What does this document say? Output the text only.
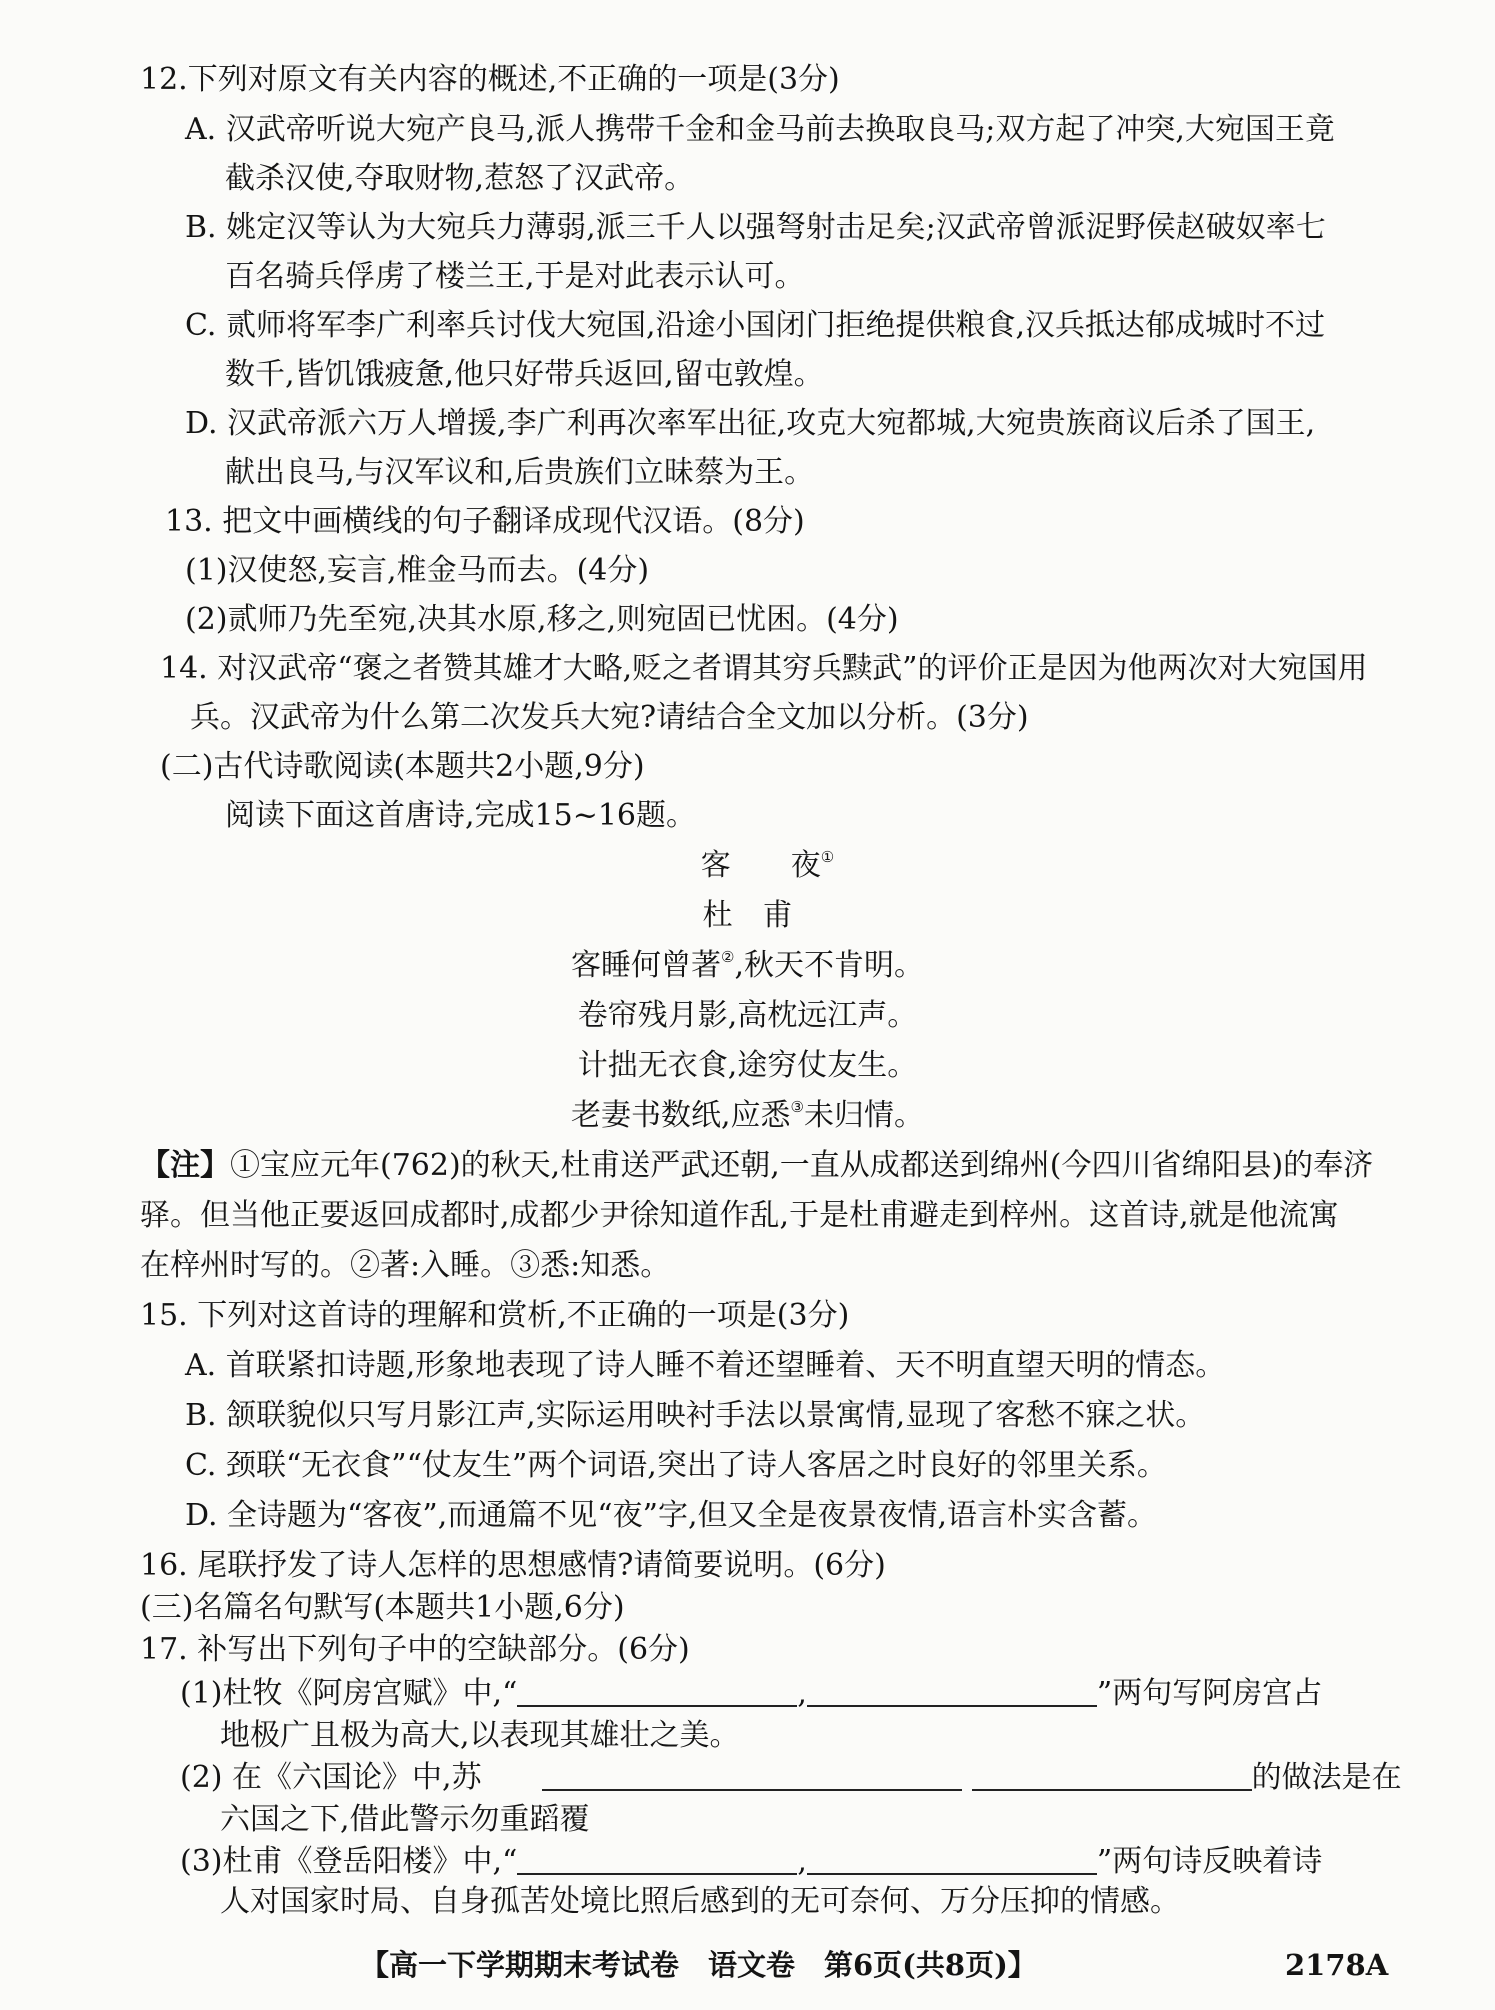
12.下列对原文有关内容的概述,不正确的一项是(3分)
A. 汉武帝听说大宛产良马,派人携带千金和金马前去换取良马;双方起了冲突,大宛国王竟
截杀汉使,夺取财物,惹怒了汉武帝。
B. 姚定汉等认为大宛兵力薄弱,派三千人以强弩射击足矣;汉武帝曾派浞野侯赵破奴率七
百名骑兵俘虏了楼兰王,于是对此表示认可。
C. 贰师将军李广利率兵讨伐大宛国,沿途小国闭门拒绝提供粮食,汉兵抵达郁成城时不过
数千,皆饥饿疲惫,他只好带兵返回,留屯敦煌。
D. 汉武帝派六万人增援,李广利再次率军出征,攻克大宛都城,大宛贵族商议后杀了国王,
献出良马,与汉军议和,后贵族们立昧蔡为王。
13. 把文中画横线的句子翻译成现代汉语。(8分)
(1)汉使怒,妄言,椎金马而去。(4分)
(2)贰师乃先至宛,决其水原,移之,则宛固已忧困。(4分)
14. 对汉武帝“褒之者赞其雄才大略,贬之者谓其穷兵黩武”的评价正是因为他两次对大宛国用
兵。汉武帝为什么第二次发兵大宛?请结合全文加以分析。(3分)
(二)古代诗歌阅读(本题共2小题,9分)
阅读下面这首唐诗,完成15~16题。
客　　夜①
杜　甫
客睡何曾著②,秋天不肯明。
卷帘残月影,高枕远江声。
计拙无衣食,途穷仗友生。
老妻书数纸,应悉③未归情。
【注】①宝应元年(762)的秋天,杜甫送严武还朝,一直从成都送到绵州(今四川省绵阳县)的奉济
驿。但当他正要返回成都时,成都少尹徐知道作乱,于是杜甫避走到梓州。这首诗,就是他流寓
在梓州时写的。②著:入睡。③悉:知悉。
15. 下列对这首诗的理解和赏析,不正确的一项是(3分)
A. 首联紧扣诗题,形象地表现了诗人睡不着还望睡着、天不明直望天明的情态。
B. 颔联貌似只写月影江声,实际运用映衬手法以景寓情,显现了客愁不寐之状。
C. 颈联“无衣食”“仗友生”两个词语,突出了诗人客居之时良好的邻里关系。
D. 全诗题为“客夜”,而通篇不见“夜”字,但又全是夜景夜情,语言朴实含蓄。
16. 尾联抒发了诗人怎样的思想感情?请简要说明。(6分)
(三)名篇名句默写(本题共1小题,6分)
17. 补写出下列句子中的空缺部分。(6分)
(1)杜牧《阿房宫赋》中,“	,	”两句写阿房宫占
地极广且极为高大,以表现其雄壮之美。
(2) 在《六国论》中,苏	的做法是在
六国之下,借此警示勿重蹈覆
【高一下学期期末考试卷　语文卷　第6页(共8页)】	2178A
(3)杜甫《登岳阳楼》中,“	,	”两句诗反映着诗
人对国家时局、自身孤苦处境比照后感到的无可奈何、万分压抑的情感。
